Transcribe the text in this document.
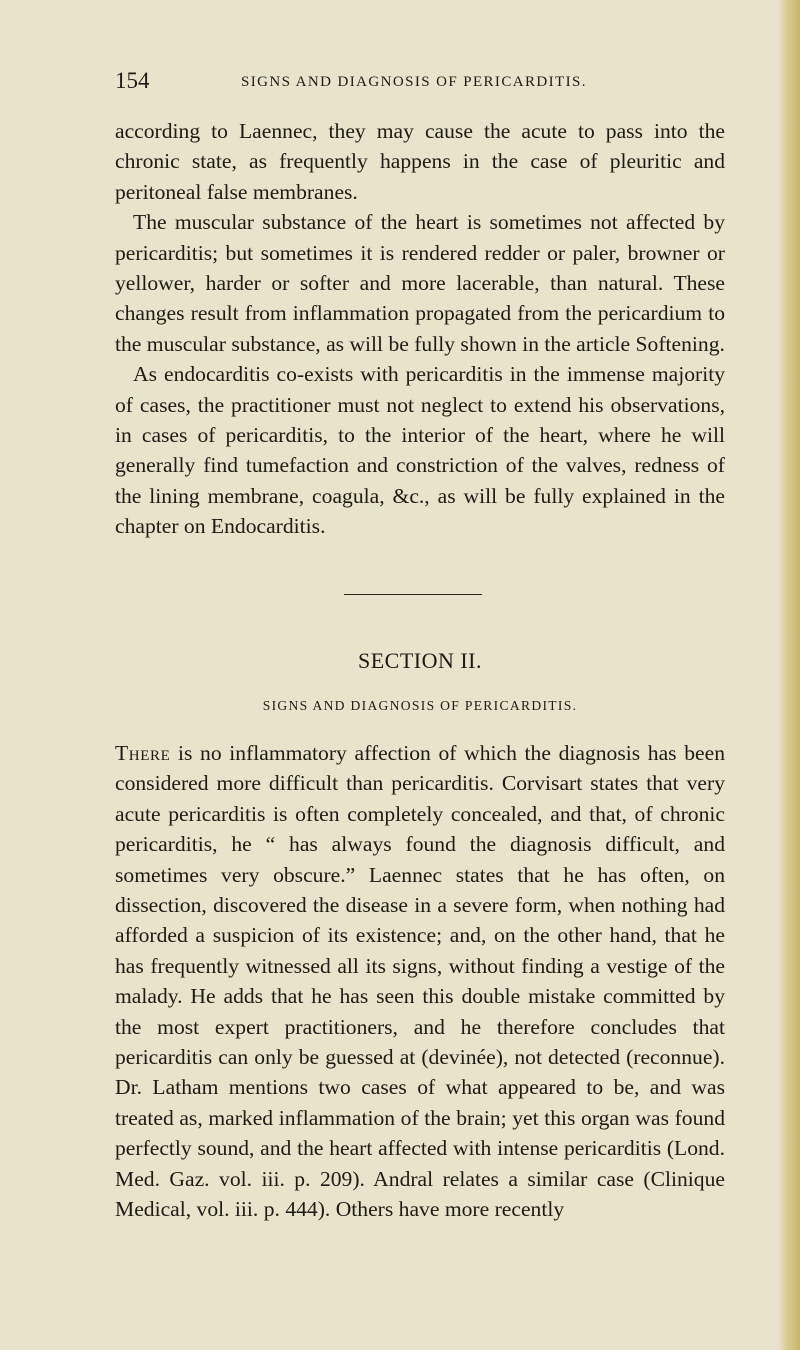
154	SIGNS AND DIAGNOSIS OF PERICARDITIS.

according to Laennec, they may cause the acute to pass into the chronic state, as frequently happens in the case of pleuritic and peritoneal false membranes.

The muscular substance of the heart is sometimes not affected by pericarditis; but sometimes it is rendered redder or paler, browner or yellower, harder or softer and more lacerable, than natural. These changes result from inflammation propagated from the pericardium to the muscular substance, as will be fully shown in the article Softening.

As endocarditis co-exists with pericarditis in the immense majority of cases, the practitioner must not neglect to extend his observations, in cases of pericarditis, to the interior of the heart, where he will generally find tumefaction and constriction of the valves, redness of the lining membrane, coagula, &c., as will be fully explained in the chapter on Endocarditis.

SECTION II.
SIGNS AND DIAGNOSIS OF PERICARDITIS.

There is no inflammatory affection of which the diagnosis has been considered more difficult than pericarditis. Corvisart states that very acute pericarditis is often completely concealed, and that, of chronic pericarditis, he “ has always found the diagnosis difficult, and sometimes very obscure.” Laennec states that he has often, on dissection, discovered the disease in a severe form, when nothing had afforded a suspicion of its existence; and, on the other hand, that he has frequently witnessed all its signs, without finding a vestige of the malady. He adds that he has seen this double mistake committed by the most expert practitioners, and he therefore concludes that pericarditis can only be guessed at (devinée), not detected (reconnue). Dr. Latham mentions two cases of what appeared to be, and was treated as, marked inflammation of the brain; yet this organ was found perfectly sound, and the heart affected with intense pericarditis (Lond. Med. Gaz. vol. iii. p. 209). Andral relates a similar case (Clinique Medical, vol. iii. p. 444). Others have more recently
